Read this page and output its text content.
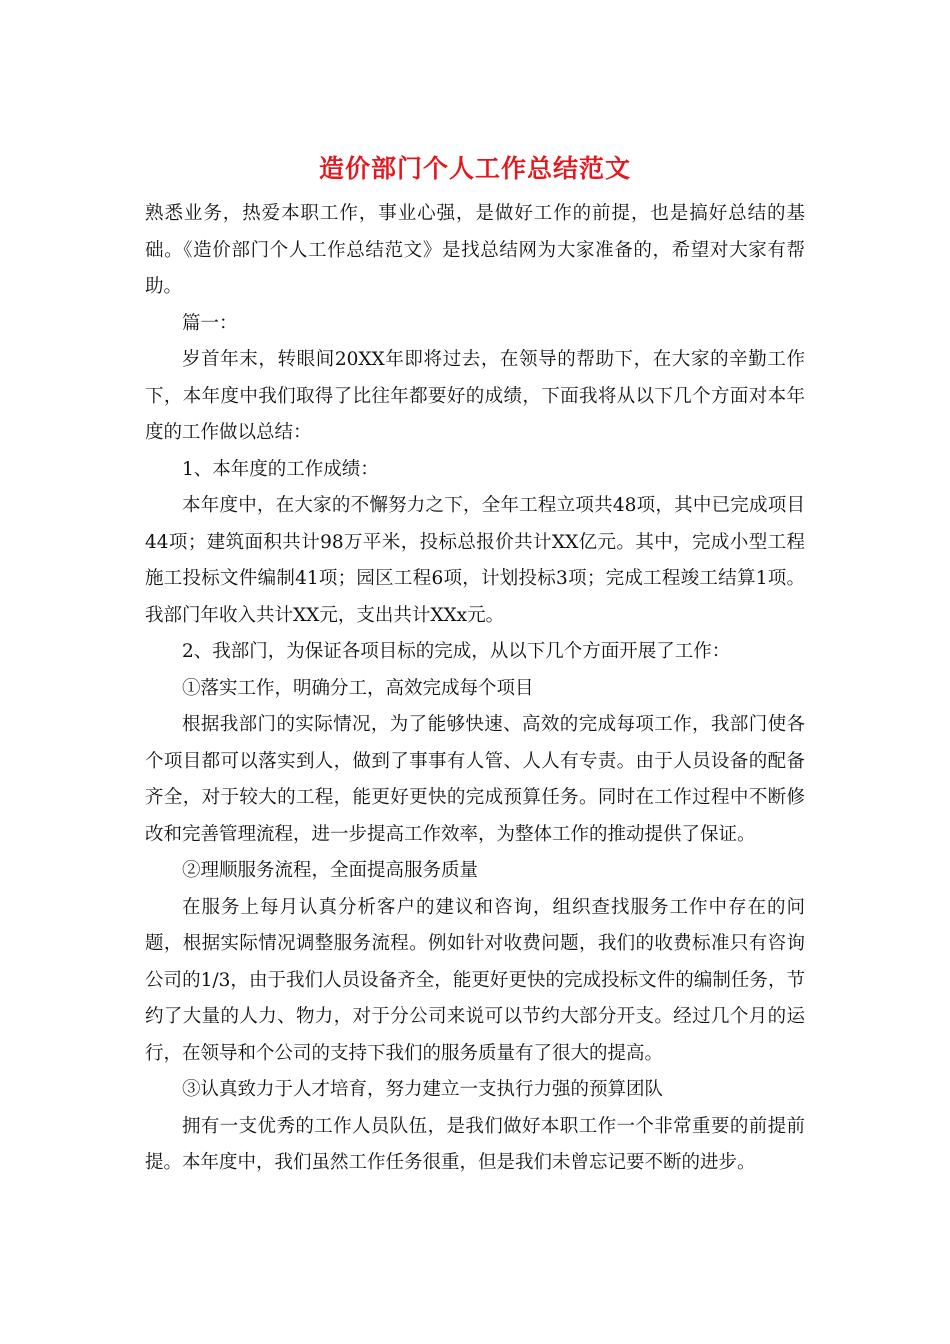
造价部门个人工作总结范文

熟悉业务，热爱本职工作，事业心强，是做好工作的前提，也是搞好总结的基础。《造价部门个人工作总结范文》是找总结网为大家准备的，希望对大家有帮助。

篇一：

岁首年末，转眼间20XX年即将过去，在领导的帮助下，在大家的辛勤工作下，本年度中我们取得了比往年都要好的成绩，下面我将从以下几个方面对本年度的工作做以总结：

1、本年度的工作成绩：

本年度中，在大家的不懈努力之下，全年工程立项共48项，其中已完成项目44项；建筑面积共计98万平米，投标总报价共计XX亿元。其中，完成小型工程施工投标文件编制41项；园区工程6项，计划投标3项；完成工程竣工结算1项。我部门年收入共计XX元，支出共计XXx元。

2、我部门，为保证各项目标的完成，从以下几个方面开展了工作：

①落实工作，明确分工，高效完成每个项目

根据我部门的实际情况，为了能够快速、高效的完成每项工作，我部门使各个项目都可以落实到人，做到了事事有人管、人人有专责。由于人员设备的配备齐全，对于较大的工程，能更好更快的完成预算任务。同时在工作过程中不断修改和完善管理流程，进一步提高工作效率，为整体工作的推动提供了保证。

②理顺服务流程，全面提高服务质量

在服务上每月认真分析客户的建议和咨询，组织查找服务工作中存在的问题，根据实际情况调整服务流程。例如针对收费问题，我们的收费标准只有咨询公司的1/3，由于我们人员设备齐全，能更好更快的完成投标文件的编制任务，节约了大量的人力、物力，对于分公司来说可以节约大部分开支。经过几个月的运行，在领导和个公司的支持下我们的服务质量有了很大的提高。

③认真致力于人才培育，努力建立一支执行力强的预算团队

拥有一支优秀的工作人员队伍，是我们做好本职工作一个非常重要的前提前提。本年度中，我们虽然工作任务很重，但是我们未曾忘记要不断的进步。
